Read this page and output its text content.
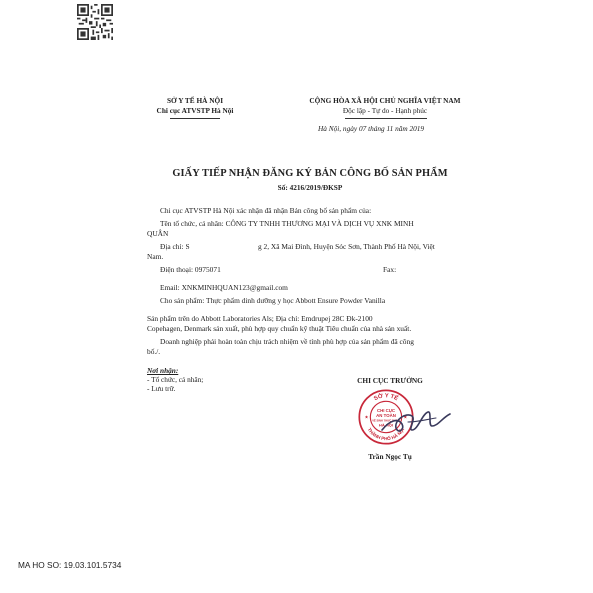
SỞ Y TẾ HÀ NỘI
Chi cục ATVSTP Hà Nội
CỘNG HÒA XÃ HỘI CHỦ NGHĨA VIỆT NAM
Độc lập - Tự do - Hạnh phúc
Hà Nội, ngày 07 tháng 11 năm 2019
GIẤY TIẾP NHẬN ĐĂNG KÝ BẢN CÔNG BỐ SẢN PHẨM
Số: 4216/2019/ĐKSP
Chi cục ATVSTP Hà Nội xác nhận đã nhận Bản công bố sản phẩm của:
Tên tổ chức, cá nhân: CÔNG TY TNHH THƯƠNG MẠI VÀ DỊCH VỤ XNK MINH
QUÂN
Địa chỉ: S	g 2, Xã Mai Đình, Huyện Sóc Sơn, Thành Phố Hà Nội, Việt
Nam.
Điện thoại: 0975071	Fax:
Email: XNKMINHQUAN123@gmail.com
Cho sản phẩm: Thực phẩm dinh dưỡng y học Abbott Ensure Powder Vanilla
Sản phẩm trên do Abbott Laboratories Als; Địa chỉ: Emdrupej 28C Đk-2100
Copehagen, Denmark sản xuất, phù hợp quy chuẩn kỹ thuật Tiêu chuẩn của nhà sản xuất.
Doanh nghiệp phải hoàn toàn chịu trách nhiệm về tính phù hợp của sản phẩm đã công
bố./.
Nơi nhận:
- Tổ chức, cá nhân;
- Lưu trữ.
CHI CỤC TRƯỞNG
SỞ Y TẾ
THÀNH PHỐ HÀ NỘI
CHI CỤC
AN TOÀN
VỆ SINH THỰC PHẨM
HÀ NỘI
★	★
Trần Ngọc Tụ
MA HO SO: 19.03.101.5734
